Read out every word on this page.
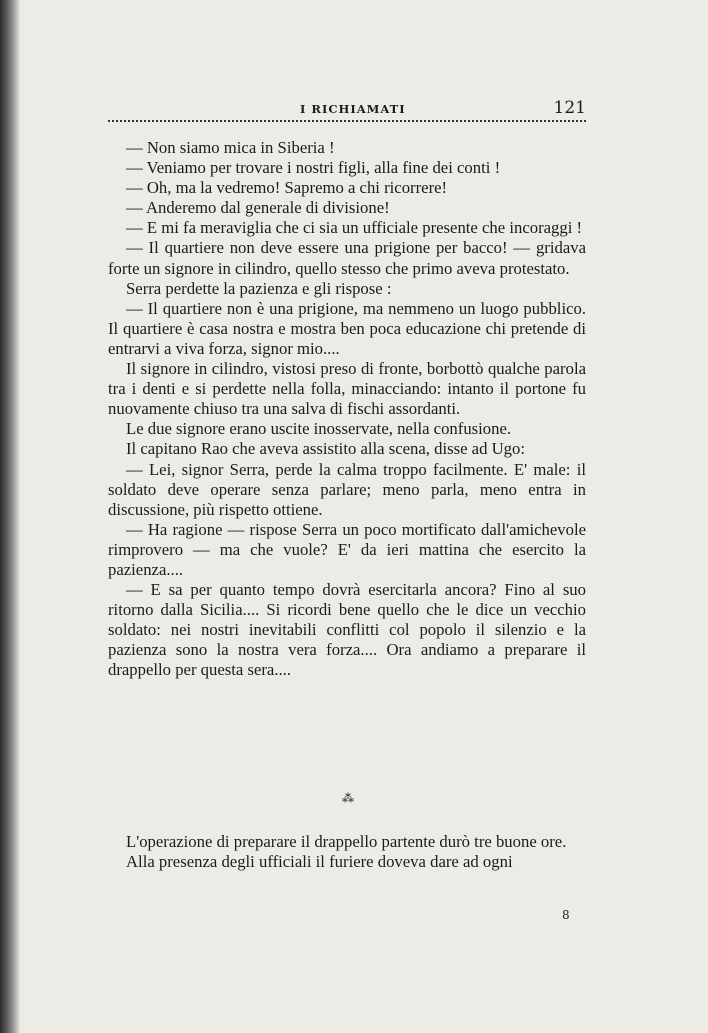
I RICHIAMATI	121

— Non siamo mica in Siberia !

— Veniamo per trovare i nostri figli, alla fine dei conti !

— Oh, ma la vedremo! Sapremo a chi ricorrere!

— Anderemo dal generale di divisione!

— E mi fa meraviglia che ci sia un ufficiale presente che incoraggi !

— Il quartiere non deve essere una prigione per bacco! — gridava forte un signore in cilindro, quello stesso che primo aveva protestato.

Serra perdette la pazienza e gli rispose :

— Il quartiere non è una prigione, ma nemmeno un luogo pubblico. Il quartiere è casa nostra e mostra ben poca educazione chi pretende di entrarvi a viva forza, signor mio....

Il signore in cilindro, vistosi preso di fronte, borbottò qualche parola tra i denti e si perdette nella folla, minacciando: intanto il portone fu nuovamente chiuso tra una salva di fischi assordanti.

Le due signore erano uscite inosservate, nella confusione.

Il capitano Rao che aveva assistito alla scena, disse ad Ugo:

— Lei, signor Serra, perde la calma troppo facilmente. E' male: il soldato deve operare senza parlare; meno parla, meno entra in discussione, più rispetto ottiene.

— Ha ragione — rispose Serra un poco mortificato dall'amichevole rimprovero — ma che vuole? E' da ieri mattina che esercito la pazienza....

— E sa per quanto tempo dovrà esercitarla ancora? Fino al suo ritorno dalla Sicilia.... Si ricordi bene quello che le dice un vecchio soldato: nei nostri inevitabili conflitti col popolo il silenzio e la pazienza sono la nostra vera forza.... Ora andiamo a preparare il drappello per questa sera....

⁂

L'operazione di preparare il drappello partente durò tre buone ore.

Alla presenza degli ufficiali il furiere doveva dare ad ogni

8
